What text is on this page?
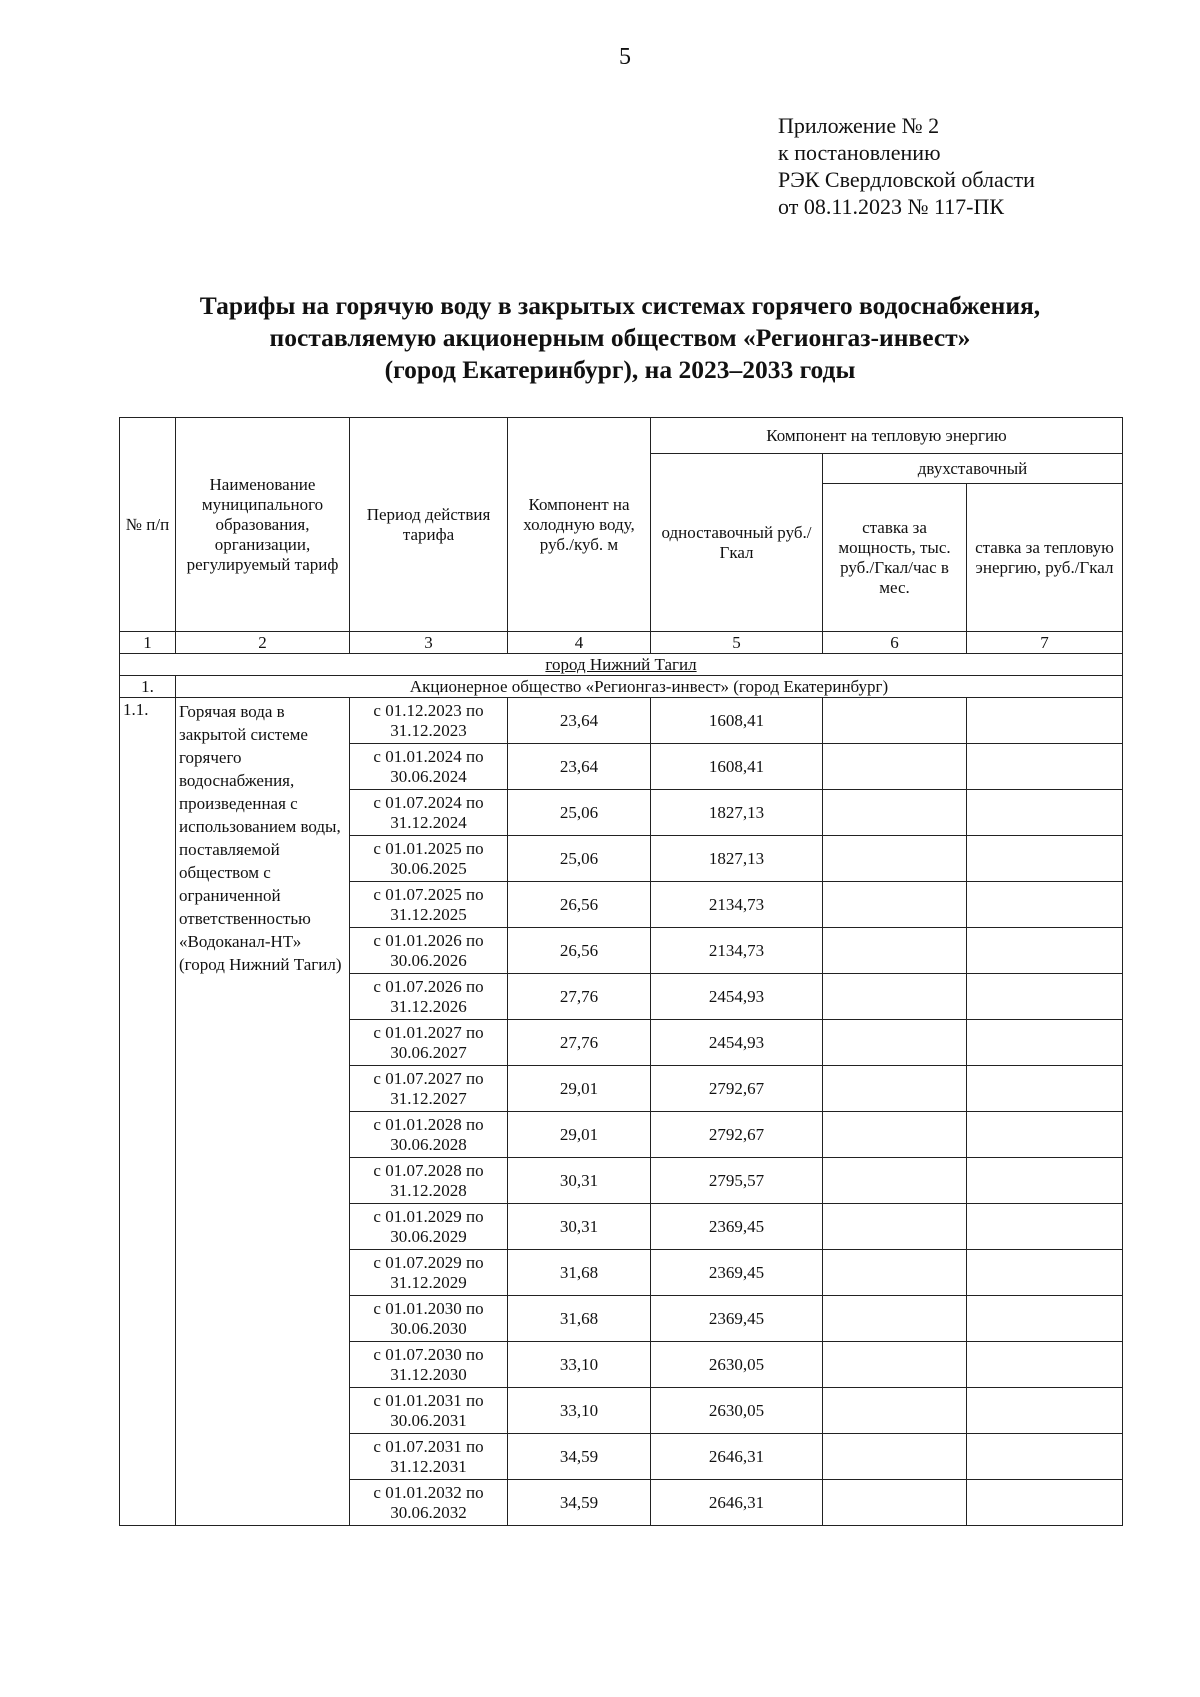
5
Приложение № 2
к постановлению
РЭК Свердловской области
от 08.11.2023 № 117-ПК
Тарифы на горячую воду в закрытых системах горячего водоснабжения,
поставляемую акционерным обществом «Регионгаз-инвест»
(город Екатеринбург), на 2023–2033 годы
№ п/п	Наименование муниципального образования, организации, регулируемый тариф	Период действия тарифа	Компонент на холодную воду, руб./куб. м	Компонент на тепловую энергию		
				одноставочный руб./Гкал	двухставочный	
					ставка за мощность, тыс. руб./Гкал/час в мес.	ставка за тепловую энергию, руб./Гкал
1	2	3	4	5	6	7
город Нижний Тагил						
1.	Акционерное общество «Регионгаз-инвест» (город Екатеринбург)					
1.1.	Горячая вода в закрытой системе горячего водоснабжения, произведенная с использованием воды, поставляемой обществом с ограниченной ответственностью «Водоканал-НТ» (город Нижний Тагил)	с 01.12.2023 по 31.12.2023	23,64	1608,41		
		с 01.01.2024 по 30.06.2024	23,64	1608,41		
		с 01.07.2024 по 31.12.2024	25,06	1827,13		
		с 01.01.2025 по 30.06.2025	25,06	1827,13		
		с 01.07.2025 по 31.12.2025	26,56	2134,73		
		с 01.01.2026 по 30.06.2026	26,56	2134,73		
		с 01.07.2026 по 31.12.2026	27,76	2454,93		
		с 01.01.2027 по 30.06.2027	27,76	2454,93		
		с 01.07.2027 по 31.12.2027	29,01	2792,67		
		с 01.01.2028 по 30.06.2028	29,01	2792,67		
		с 01.07.2028 по 31.12.2028	30,31	2795,57		
		с 01.01.2029 по 30.06.2029	30,31	2369,45		
		с 01.07.2029 по 31.12.2029	31,68	2369,45		
		с 01.01.2030 по 30.06.2030	31,68	2369,45		
		с 01.07.2030 по 31.12.2030	33,10	2630,05		
		с 01.01.2031 по 30.06.2031	33,10	2630,05		
		с 01.07.2031 по 31.12.2031	34,59	2646,31		
		с 01.01.2032 по 30.06.2032	34,59	2646,31		
